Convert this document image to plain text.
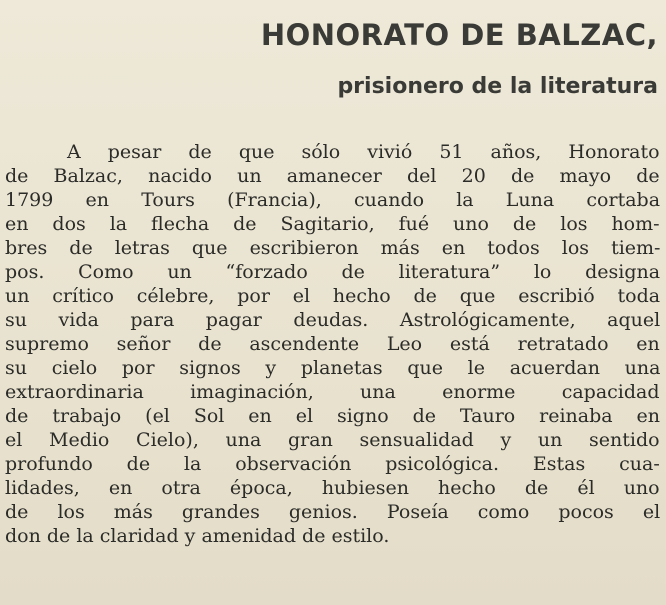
HONORATO DE BALZAC,
prisionero de la literatura

A pesar de que sólo vivió 51 años, Honorato

de Balzac, nacido un amanecer del 20 de mayo de

1799 en Tours (Francia), cuando la Luna cortaba

en dos la flecha de Sagitario, fué uno de los hom-

bres de letras que escribieron más en todos los tiem-

pos. Como un “forzado de literatura” lo designa

un crítico célebre, por el hecho de que escribió toda

su vida para pagar deudas. Astrológicamente, aquel

supremo señor de ascendente Leo está retratado en

su cielo por signos y planetas que le acuerdan una

extraordinaria imaginación, una enorme capacidad

de trabajo (el Sol en el signo de Tauro reinaba en

el Medio Cielo), una gran sensualidad y un sentido

profundo de la observación psicológica. Estas cua-

lidades, en otra época, hubiesen hecho de él uno

de los más grandes genios. Poseía como pocos el

don de la claridad y amenidad de estilo.
